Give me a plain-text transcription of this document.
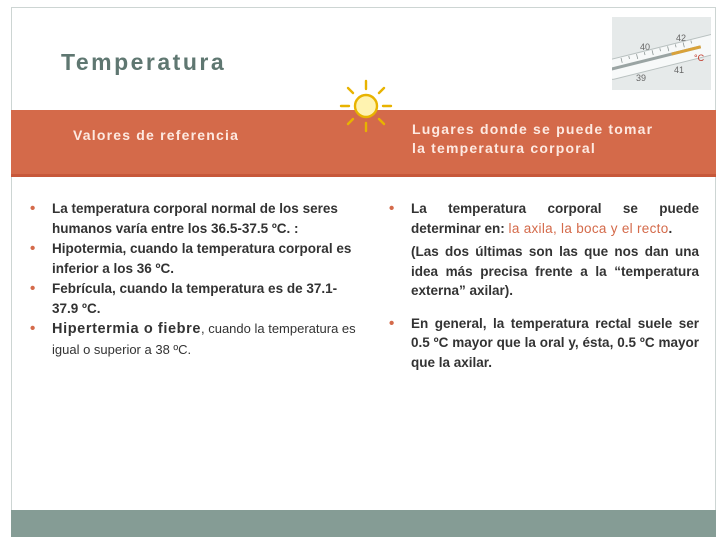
Temperatura
40
42
39
41
°C
Valores de referencia	Lugares donde se puede tomar
la temperatura corporal
• La temperatura corporal normal de los seres humanos varía entre los 36.5-37.5 ºC. :
• Hipotermia, cuando la temperatura corporal es inferior a los 36 ºC.
• Febrícula, cuando la temperatura es de 37.1-37.9 ºC.
• Hipertermia o fiebre, cuando la temperatura es igual o superior a 38 ºC.
• La temperatura corporal se puede determinar en: la axila, la boca y el recto.
(Las dos últimas son las que nos dan una idea más precisa frente a la “temperatura externa” axilar).
• En general, la temperatura rectal suele ser 0.5 ºC mayor que la oral y, ésta, 0.5 ºC mayor que la axilar.
